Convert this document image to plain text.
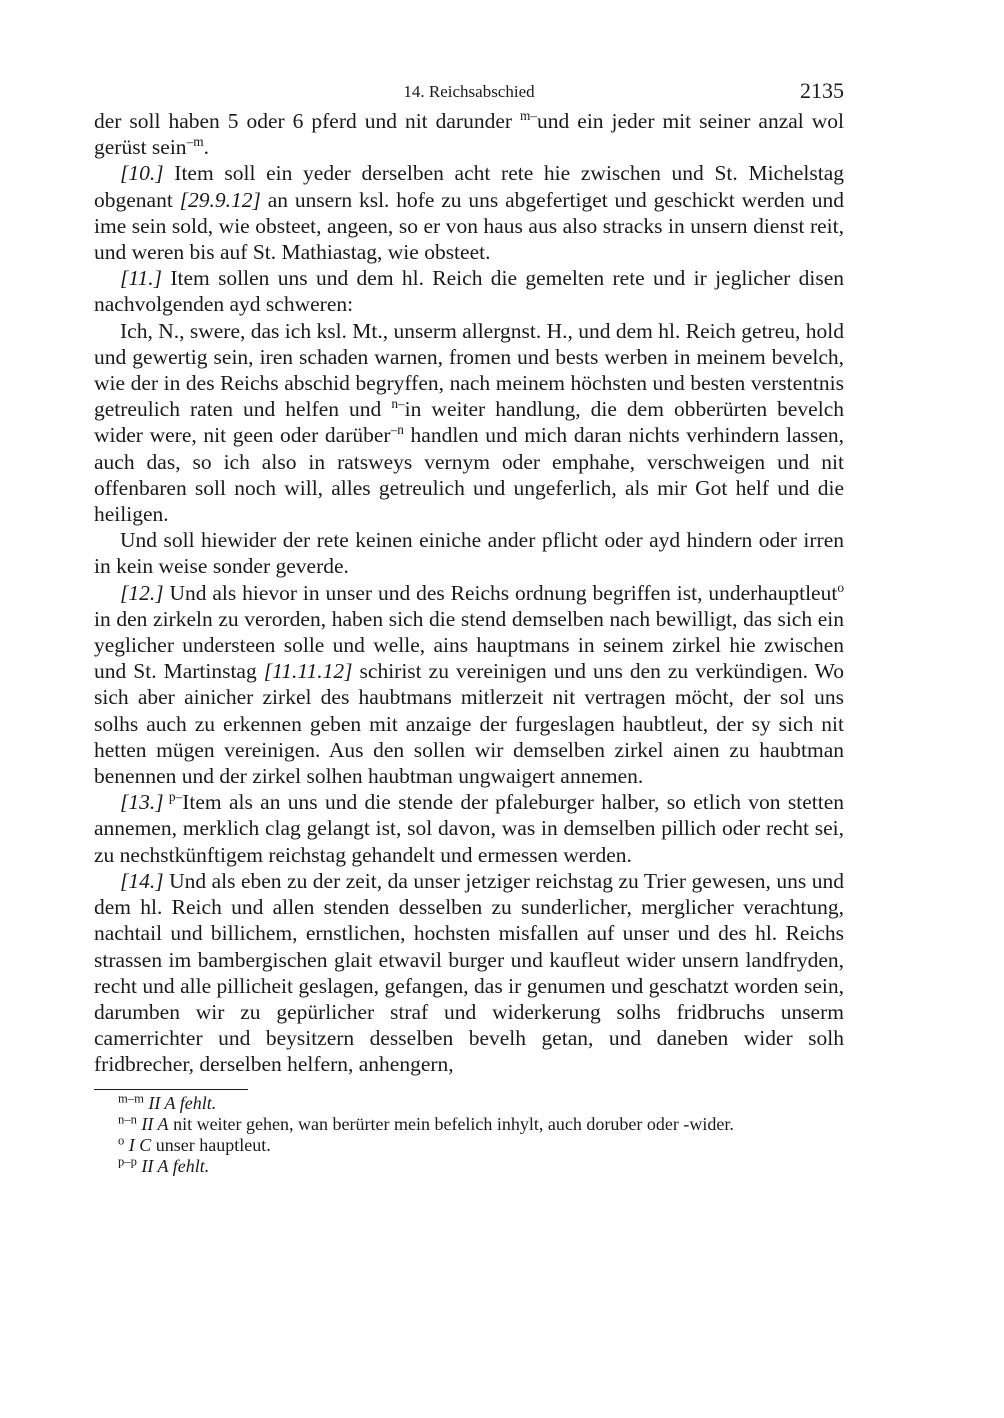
14. Reichsabschied	2135

der soll haben 5 oder 6 pferd und nit darunder $^{m-}$und ein jeder mit seiner anzal wol gerüst sein$^{-m}$.

[10.] Item soll ein yeder derselben acht rete hie zwischen und St. Michelstag obgenant [29.9.12] an unsern ksl. hofe zu uns abgefertiget und geschickt werden und ime sein sold, wie obsteet, angeen, so er von haus aus also stracks in unsern dienst reit, und weren bis auf St. Mathiastag, wie obsteet.

[11.] Item sollen uns und dem hl. Reich die gemelten rete und ir jeglicher disen nachvolgenden ayd schweren:

Ich, N., swere, das ich ksl. Mt., unserm allergnst. H., und dem hl. Reich getreu, hold und gewertig sein, iren schaden warnen, fromen und bests werben in meinem bevelch, wie der in des Reichs abschid begryffen, nach meinem höchsten und besten verstentnis getreulich raten und helfen und $^{n-}$in weiter handlung, die dem obberürten bevelch wider were, nit geen oder darüber$^{-n}$ handlen und mich daran nichts verhindern lassen, auch das, so ich also in ratsweys vernym oder emphahe, verschweigen und nit offenbaren soll noch will, alles getreulich und ungeferlich, als mir Got helf und die heiligen.

Und soll hiewider der rete keinen einiche ander pflicht oder ayd hindern oder irren in kein weise sonder geverde.

[12.] Und als hievor in unser und des Reichs ordnung begriffen ist, underhauptleut$^o$ in den zirkeln zu verorden, haben sich die stend demselben nach bewilligt, das sich ein yeglicher understeen solle und welle, ains hauptmans in seinem zirkel hie zwischen und St. Martinstag [11.11.12] schirist zu vereinigen und uns den zu verkündigen. Wo sich aber ainicher zirkel des haubtmans mitlerzeit nit vertragen möcht, der sol uns solhs auch zu erkennen geben mit anzaige der furgeslagen haubtleut, der sy sich nit hetten mügen vereinigen. Aus den sollen wir demselben zirkel ainen zu haubtman benennen und der zirkel solhen haubtman ungwaigert annemen.

[13.] $^{p-}$Item als an uns und die stende der pfaleburger halber, so etlich von stetten annemen, merklich clag gelangt ist, sol davon, was in demselben pillich oder recht sei, zu nechstkünftigem reichstag gehandelt und ermessen werden.

[14.] Und als eben zu der zeit, da unser jetziger reichstag zu Trier gewesen, uns und dem hl. Reich und allen stenden desselben zu sunderlicher, merglicher verachtung, nachtail und billichem, ernstlichen, hochsten misfallen auf unser und des hl. Reichs strassen im bambergischen glait etwavil burger und kaufleut wider unsern landfryden, recht und alle pillicheit geslagen, gefangen, das ir genumen und geschatzt worden sein, darumben wir zu gepürlicher straf und widerkerung solhs fridbruchs unserm camerrichter und beysitzern desselben bevelh getan, und daneben wider solh fridbrecher, derselben helfern, anhengern,

$^{m-m}$ II A fehlt.

$^{n-n}$ II A nit weiter gehen, wan berürter mein befelich inhylt, auch doruber oder -wider.

$^o$ I C unser hauptleut.

$^{p-p}$ II A fehlt.
